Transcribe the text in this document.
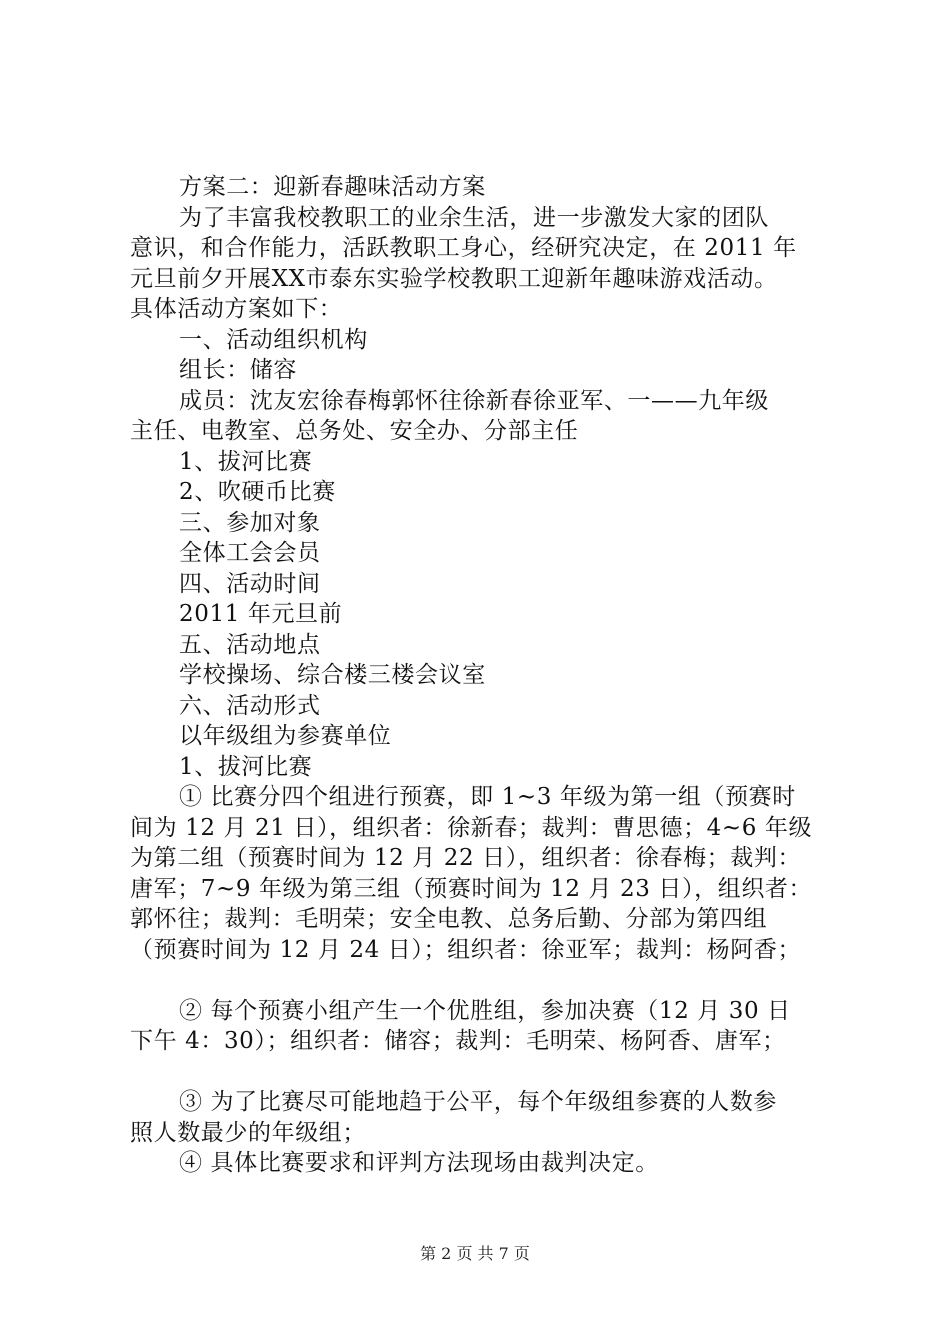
方案二：迎新春趣味活动方案
为了丰富我校教职工的业余生活，进一步激发大家的团队
意识，和合作能力，活跃教职工身心，经研究决定，在 2011 年
元旦前夕开展XX市泰东实验学校教职工迎新年趣味游戏活动。
具体活动方案如下：
一、活动组织机构
组长：储容
成员：沈友宏徐春梅郭怀往徐新春徐亚军、一——九年级
主任、电教室、总务处、安全办、分部主任
1、拔河比赛
2、吹硬币比赛
三、参加对象
全体工会会员
四、活动时间
2011 年元旦前
五、活动地点
学校操场、综合楼三楼会议室
六、活动形式
以年级组为参赛单位
1、拔河比赛
① 比赛分四个组进行预赛，即 1~3 年级为第一组（预赛时
间为 12 月 21 日），组织者：徐新春；裁判：曹思德；4~6 年级
为第二组（预赛时间为 12 月 22 日），组织者：徐春梅；裁判：
唐军；7~9 年级为第三组（预赛时间为 12 月 23 日），组织者：
郭怀往；裁判：毛明荣；安全电教、总务后勤、分部为第四组
（预赛时间为 12 月 24 日）；组织者：徐亚军；裁判：杨阿香；
② 每个预赛小组产生一个优胜组，参加决赛（12 月 30 日
下午 4：30）；组织者：储容；裁判：毛明荣、杨阿香、唐军；
③ 为了比赛尽可能地趋于公平，每个年级组参赛的人数参
照人数最少的年级组；
④ 具体比赛要求和评判方法现场由裁判决定。
第 2 页 共 7 页
